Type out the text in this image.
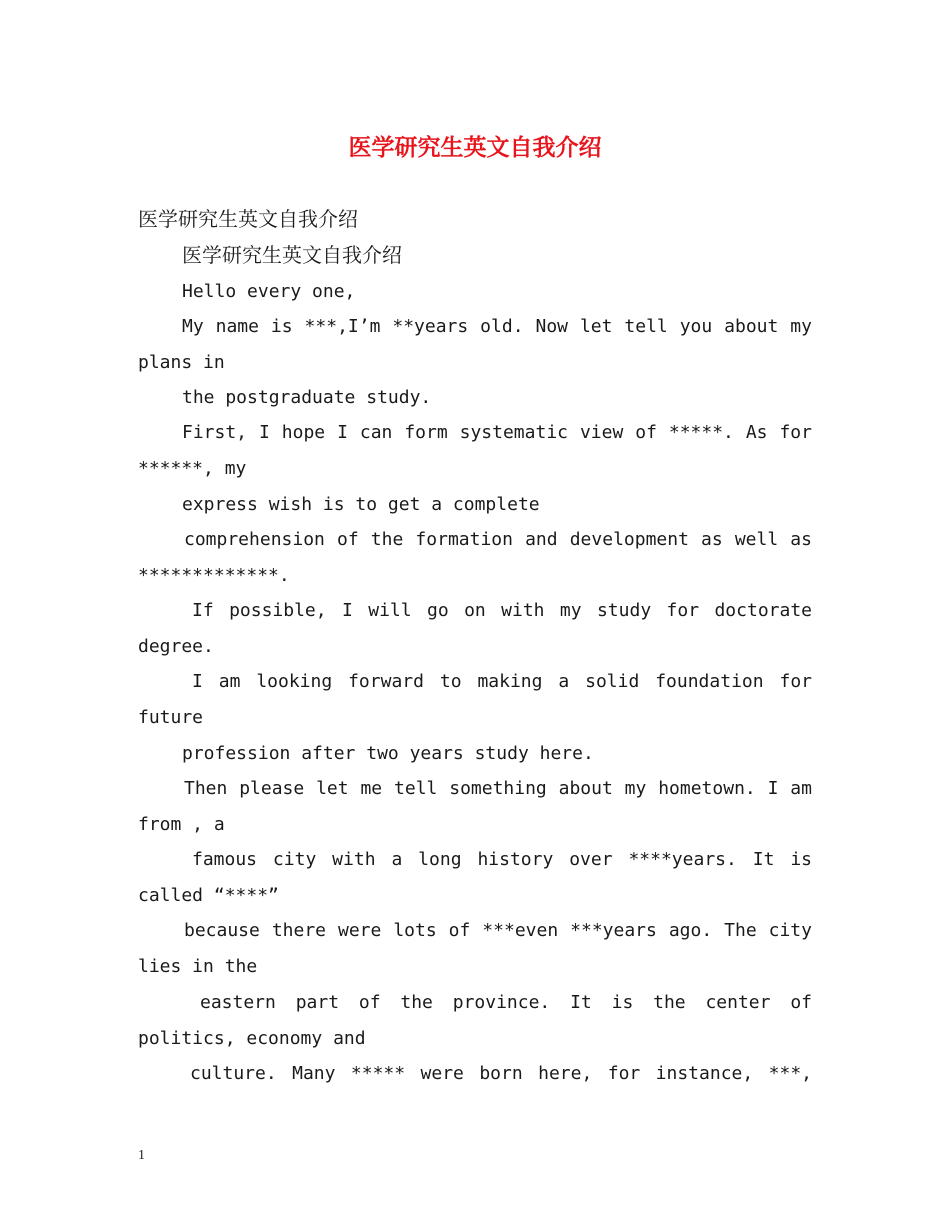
医学研究生英文自我介绍
医学研究生英文自我介绍
医学研究生英文自我介绍
Hello every one,
My name is ***,I’m **years old. Now let tell you about my
plans in
the postgraduate study.
First, I hope I can form systematic view of *****. As for
******, my
express wish is to get a complete
comprehension of the formation and development as well as
*************.
If possible, I will go on with my study for doctorate
degree.
I am looking forward to making a solid foundation for
future
profession after two years study here.
Then please let me tell something about my hometown. I am
from , a
famous city with a long history over ****years. It is
called “****”
because there were lots of ***even ***years ago. The city
lies in the
eastern part of the province. It is the center of
politics, economy and
culture. Many ***** were born here, for instance, ***,
1
